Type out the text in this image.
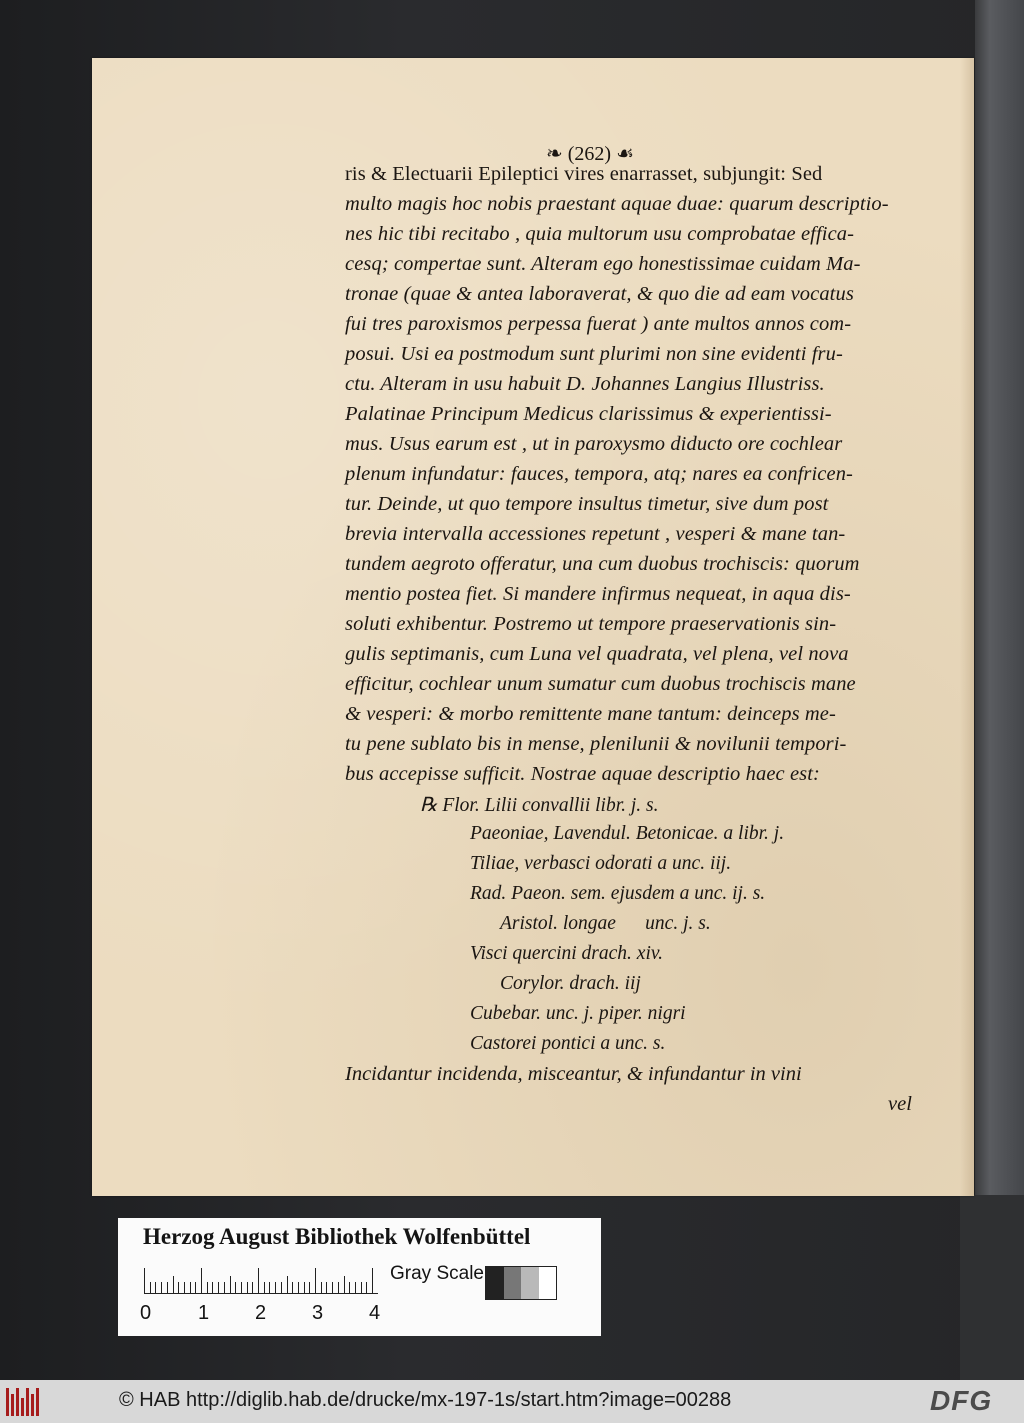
❧ (262) ☙
ris & Electuarii Epileptici vires enarrasset, subjungit: Sed
multo magis hoc nobis praestant aquae duae: quarum descriptio-
nes hic tibi recitabo , quia multorum usu comprobatae effica-
cesq; compertae sunt. Alteram ego honestissimae cuidam Ma-
tronae (quae & antea laboraverat, & quo die ad eam vocatus
fui tres paroxismos perpessa fuerat ) ante multos annos com-
posui. Usi ea postmodum sunt plurimi non sine evidenti fru-
ctu. Alteram in usu habuit D. Johannes Langius Illustriss.
Palatinae Principum Medicus clarissimus & experientissi-
mus. Usus earum est , ut in paroxysmo diducto ore cochlear
plenum infundatur: fauces, tempora, atq; nares ea confricen-
tur. Deinde, ut quo tempore insultus timetur, sive dum post
brevia intervalla accessiones repetunt , vesperi & mane tan-
tundem aegroto offeratur, una cum duobus trochiscis: quorum
mentio postea fiet. Si mandere infirmus nequeat, in aqua dis-
soluti exhibentur. Postremo ut tempore praeservationis sin-
gulis septimanis, cum Luna vel quadrata, vel plena, vel nova
efficitur, cochlear unum sumatur cum duobus trochiscis mane
& vesperi: & morbo remittente mane tantum: deinceps me-
tu pene sublato bis in mense, plenilunii & novilunii tempori-
bus accepisse sufficit. Nostrae aquae descriptio haec est:
℞ Flor. Lilii convallii libr. j. s.
Paeoniae, Lavendul. Betonicae. a libr. j.
Tiliae, verbasci odorati a unc. iij.
Rad. Paeon. sem. ejusdem a unc. ij. s.
Aristol. longae      unc. j. s.
Visci quercini drach. xiv.
Corylor. drach. iij
Cubebar. unc. j. piper. nigri
Castorei pontici a unc. s.
Incidantur incidenda, misceantur, & infundantur in vini
vel
Herzog August Bibliothek Wolfenbüttel
0 1 2 3 4
Gray Scale
© HAB http://diglib.hab.de/drucke/mx-197-1s/start.htm?image=00288	DFG
